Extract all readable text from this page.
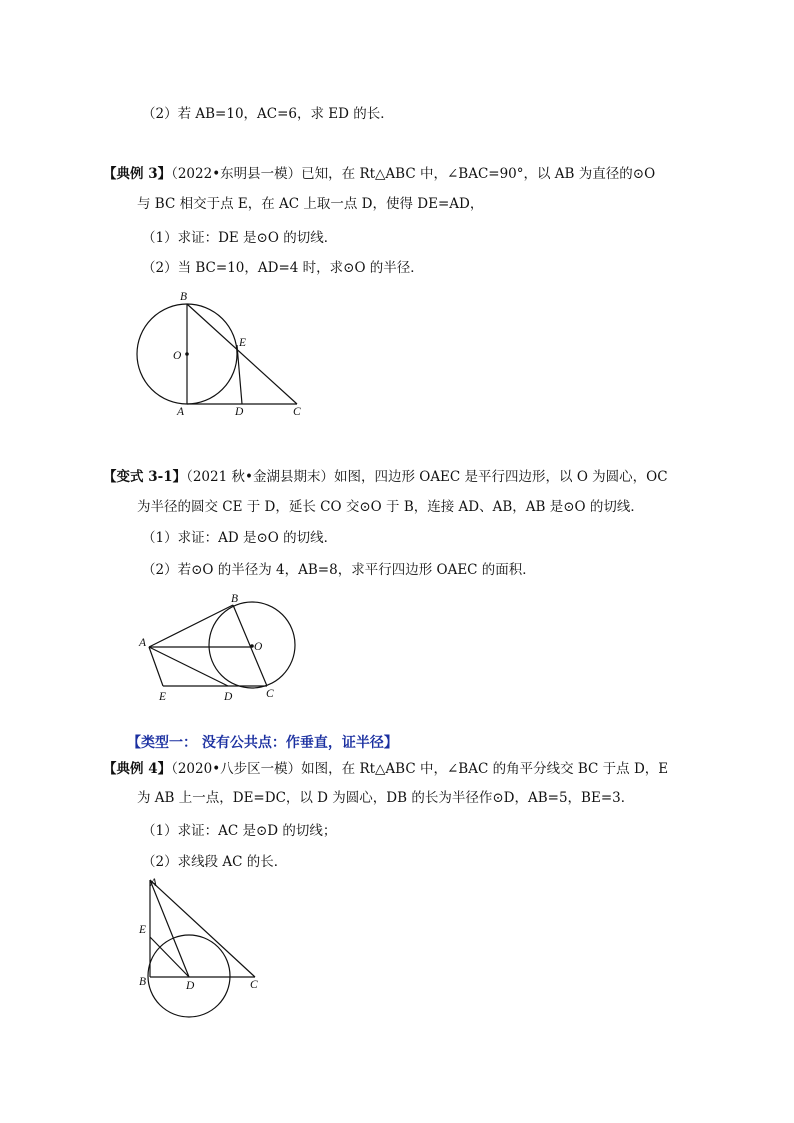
（2）若 AB=10，AC=6，求 ED 的长．
【典例 3】（2022•东明县一模）已知，在 Rt△ABC 中，∠BAC=90°，以 AB 为直径的⊙O
与 BC 相交于点 E，在 AC 上取一点 D，使得 DE=AD，
（1）求证：DE 是⊙O 的切线．
（2）当 BC=10，AD=4 时，求⊙O 的半径．
B
O
E
A	D	C
【变式 3-1】（2021 秋•金湖县期末）如图，四边形 OAEC 是平行四边形，以 O 为圆心，OC
为半径的圆交 CE 于 D，延长 CO 交⊙O 于 B，连接 AD、AB，AB 是⊙O 的切线．
（1）求证：AD 是⊙O 的切线．
（2）若⊙O 的半径为 4，AB=8，求平行四边形 OAEC 的面积．
B
A	O
E	D	C
【类型一： 没有公共点：作垂直，证半径】
【典例 4】（2020•八步区一模）如图，在 Rt△ABC 中，∠BAC 的角平分线交 BC 于点 D，E
为 AB 上一点，DE=DC，以 D 为圆心，DB 的长为半径作⊙D，AB=5，BE=3．
（1）求证：AC 是⊙D 的切线；
（2）求线段 AC 的长．
A
E
B	D	C
